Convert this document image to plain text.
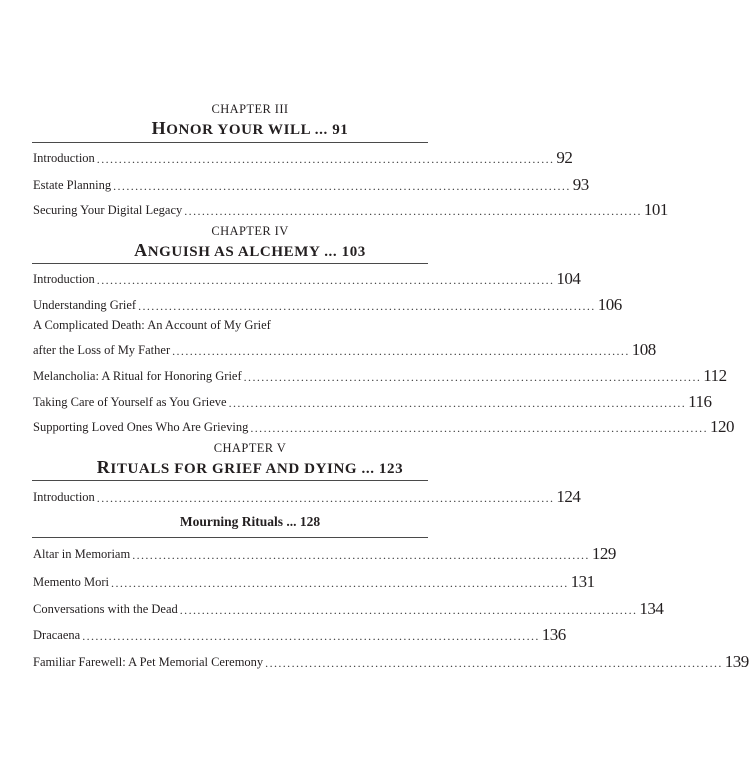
CHAPTER III
HONOR YOUR WILL ... 91
Introduction ........................................................................................................ 92
Estate Planning ........................................................................................................ 93
Securing Your Digital Legacy ........................................................................................................ 101
CHAPTER IV
ANGUISH AS ALCHEMY ... 103
Introduction ........................................................................................................ 104
Understanding Grief ........................................................................................................ 106
A Complicated Death: An Account of My Grief
after the Loss of My Father ........................................................................................................ 108
Melancholia: A Ritual for Honoring Grief ........................................................................................................ 112
Taking Care of Yourself as You Grieve ........................................................................................................ 116
Supporting Loved Ones Who Are Grieving ........................................................................................................ 120
CHAPTER V
RITUALS FOR GRIEF AND DYING ... 123
Introduction ........................................................................................................ 124
Mourning Rituals ... 128
Altar in Memoriam ........................................................................................................ 129
Memento Mori ........................................................................................................ 131
Conversations with the Dead ........................................................................................................ 134
Dracaena ........................................................................................................ 136
Familiar Farewell: A Pet Memorial Ceremony ........................................................................................................ 139
